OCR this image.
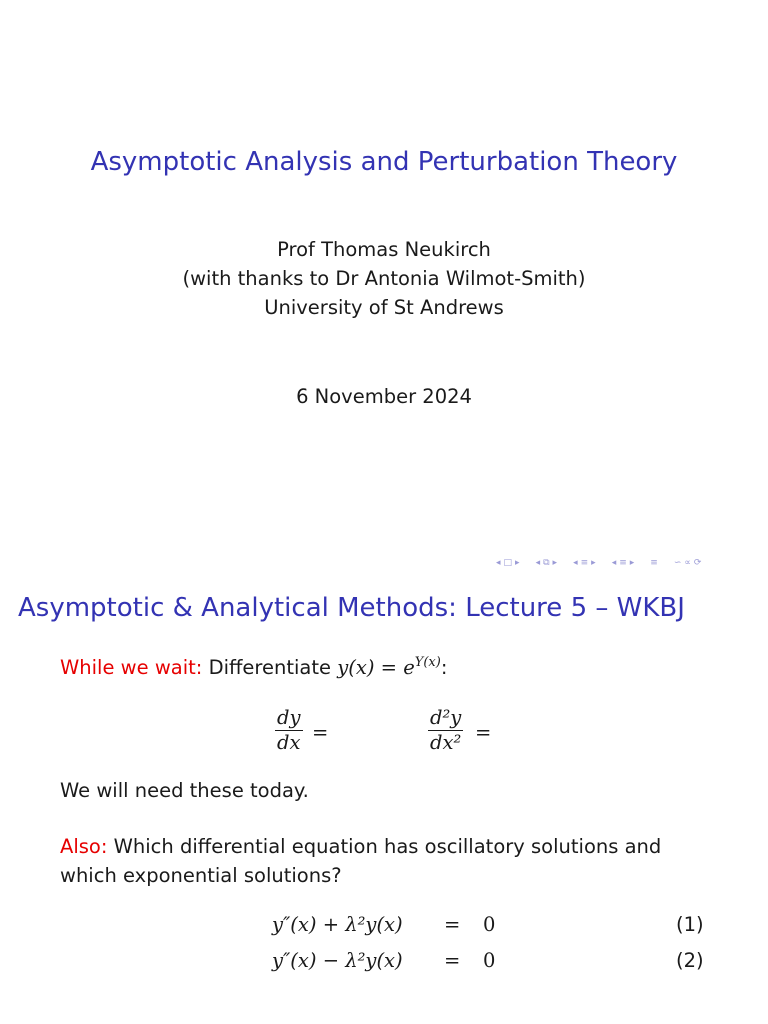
Asymptotic Analysis and Perturbation Theory
Prof Thomas Neukirch
(with thanks to Dr Antonia Wilmot-Smith)
University of St Andrews
6 November 2024
◂ □ ▸ ◂ ⧉ ▸ ◂ ≡ ▸ ◂ ≡ ▸ ≡ ∽ ∝ ⟳
Asymptotic & Analytical Methods: Lecture 5 – WKBJ
While we wait: Differentiate $y(x) = e^{Y(x)}$:
$\frac{dy}{dx}$ =	$\frac{\text{d²y}}{\text{dx²}}$ =
We will need these today.
Also: Which differential equation has oscillatory solutions and which exponential solutions?
y″(x) + λ²y(x) = 0	(1)
y″(x) − λ²y(x) = 0	(2)
